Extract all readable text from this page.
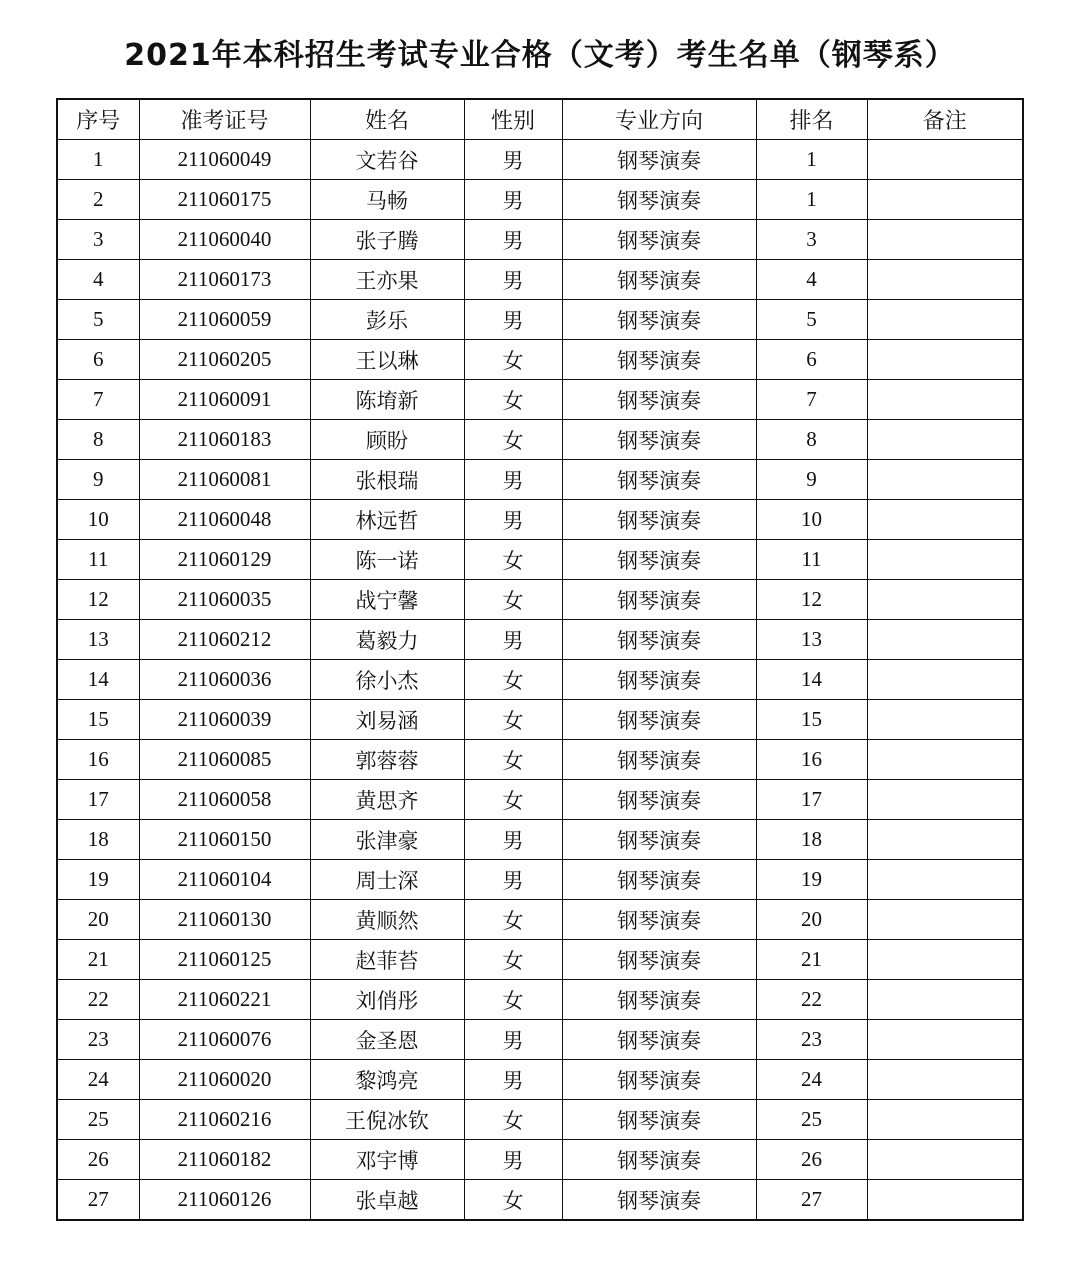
2021年本科招生考试专业合格（文考）考生名单（钢琴系）
序号	准考证号	姓名	性别	专业方向	排名	备注
1	211060049	文若谷	男	钢琴演奏	1	
2	211060175	马畅	男	钢琴演奏	1	
3	211060040	张子腾	男	钢琴演奏	3	
4	211060173	王亦果	男	钢琴演奏	4	
5	211060059	彭乐	男	钢琴演奏	5	
6	211060205	王以琳	女	钢琴演奏	6	
7	211060091	陈堉新	女	钢琴演奏	7	
8	211060183	顾盼	女	钢琴演奏	8	
9	211060081	张根瑞	男	钢琴演奏	9	
10	211060048	林远哲	男	钢琴演奏	10	
11	211060129	陈一诺	女	钢琴演奏	11	
12	211060035	战宁馨	女	钢琴演奏	12	
13	211060212	葛毅力	男	钢琴演奏	13	
14	211060036	徐小杰	女	钢琴演奏	14	
15	211060039	刘易涵	女	钢琴演奏	15	
16	211060085	郭蓉蓉	女	钢琴演奏	16	
17	211060058	黄思齐	女	钢琴演奏	17	
18	211060150	张津豪	男	钢琴演奏	18	
19	211060104	周士深	男	钢琴演奏	19	
20	211060130	黄顺然	女	钢琴演奏	20	
21	211060125	赵菲苔	女	钢琴演奏	21	
22	211060221	刘俏彤	女	钢琴演奏	22	
23	211060076	金圣恩	男	钢琴演奏	23	
24	211060020	黎鸿亮	男	钢琴演奏	24	
25	211060216	王倪冰钦	女	钢琴演奏	25	
26	211060182	邓宇博	男	钢琴演奏	26	
27	211060126	张卓越	女	钢琴演奏	27	
